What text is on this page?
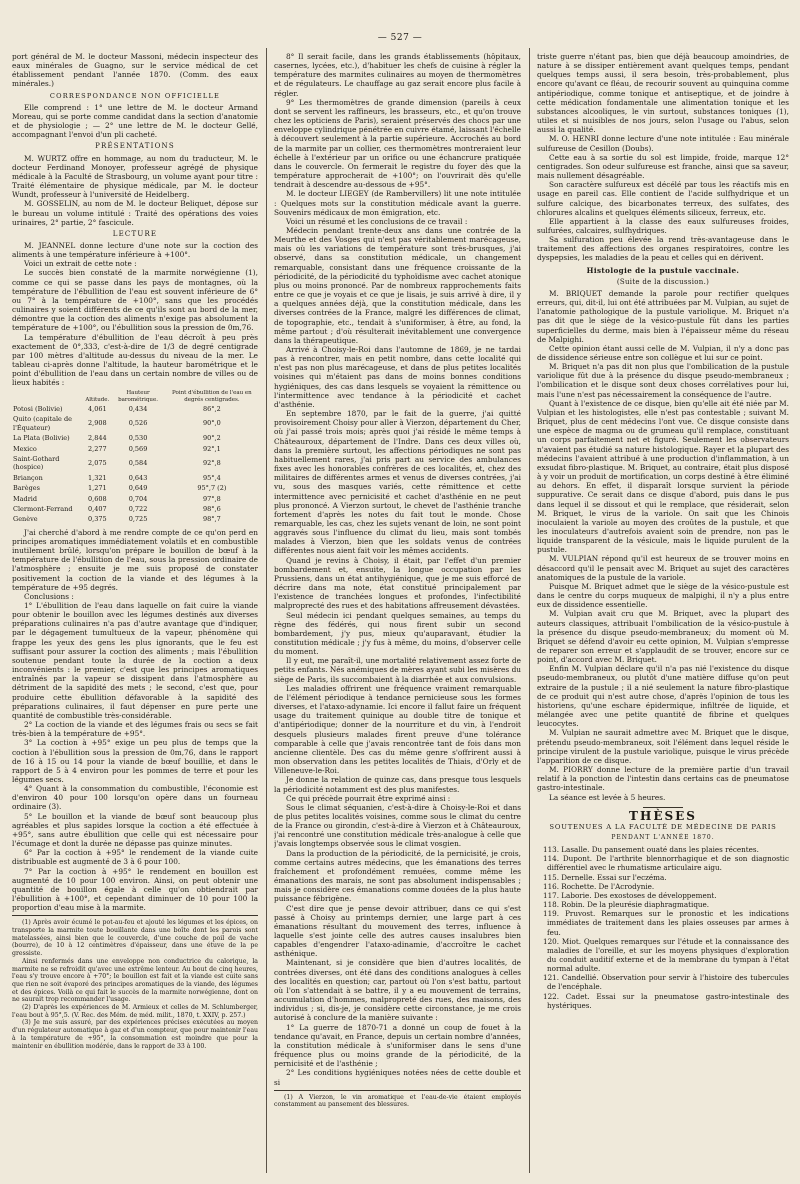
— 527 —

port général de M. le docteur Massoni, médecin inspecteur des eaux minérales de Guagno, sur le service médical de cet établissement pendant l'année 1870. (Comm. des eaux minérales.)

CORRESPONDANCE NON OFFICIELLE

Elle comprend : 1° une lettre de M. le docteur Armand Moreau, qui se porte comme candidat dans la section d'anatomie et de physiologie ; — 2° une lettre de M. le docteur Gellé, accompagnant l'envoi d'un pli cacheté.

PRÉSENTATIONS

M. WURTZ offre en hommage, au nom du traducteur, M. le docteur Ferdinand Monoyer, professeur agrégé de physique médicale à la Faculté de Strasbourg, un volume ayant pour titre : Traité élémentaire de physique médicale, par M. le docteur Wundt, professeur à l'université de Heidelberg.

M. GOSSELIN, au nom de M. le docteur Beliquet, dépose sur le bureau un volume intitulé : Traité des opérations des voies urinaires, 2° partie, 2° fascicule.

LECTURE

M. JEANNEL donne lecture d'une note sur la coction des aliments à une température inférieure à +100°.

Voici un extrait de cette note :

Le succès bien constaté de la marmite norwégienne (1), comme ce qui se passe dans les pays de montagnes, où la température de l'ébullition de l'eau est souvent inférieure de 6° ou 7° à la température de +100°, sans que les procédés culinaires y soient différents de ce qu'ils sont au bord de la mer, démontre que la coction des aliments n'exige pas absolument la température de +100°, ou l'ébullition sous la pression de 0m,76.

La température d'ébullition de l'eau décroît à peu près exactement de 0°,333, c'est-à-dire de 1/3 de degré centigrade par 100 mètres d'altitude au-dessus du niveau de la mer. Le tableau ci-après donne l'altitude, la hauteur barométrique et le point d'ébullition de l'eau dans un certain nombre de villes ou de lieux habités :

	Altitude.	Hauteur barométrique.	Point d'ébullition de l'eau en degrés centigrades.
Potosi (Bolivie)	4,061	0,434	86°,2
Quito (capitale de l'Équateur)	2,908	0,526	90°,0
La Plata (Bolivie)	2,844	0,530	90°,2
Mexico	2,277	0,569	92°,1
Saint-Gothard (hospice)	2,075	0,584	92°,8
Briançon	1,321	0,643	95°,4
Barèges	1,271	0,649	95°,7 (2)
Madrid	0,608	0,704	97°,8
Clermont-Ferrand	0,407	0,722	98°,6
Genève	0,375	0,725	98°,7

J'ai cherché d'abord à me rendre compte de ce qu'on perd en principes aromatiques immédiatement volatils et en combustible inutilement brûlé, lorsqu'on prépare le bouillon de bœuf à la température de l'ébullition de l'eau, sous la pression ordinaire de l'atmosphère ; ensuite je me suis proposé de constater positivement la coction de la viande et des légumes à la température de +95 degrés.

Conclusions :

1° L'ébullition de l'eau dans laquelle on fait cuire la viande pour obtenir le bouillon avec les légumes destinés aux diverses préparations culinaires n'a pas d'autre avantage que d'indiquer, par le dégagement tumultueux de la vapeur, phénomène qui frappe les yeux des gens les plus ignorants, que le feu est suffisant pour assurer la coction des aliments ; mais l'ébullition soutenue pendant toute la durée de la coction a deux inconvénients : le premier, c'est que les principes aromatiques entraînés par la vapeur se dissipent dans l'atmosphère au détriment de la sapidité des mets ; le second, c'est que, pour produire cette ébullition défavorable à la sapidité des préparations culinaires, il faut dépenser en pure perte une quantité de combustible très-considérable.

2° La coction de la viande et des légumes frais ou secs se fait très-bien à la température de +95°.

3° La coction à +95° exige un peu plus de temps que la coction à l'ébullition sous la pression de 0m,76, dans le rapport de 16 à 15 ou 14 pour la viande de bœuf bouillie, et dans le rapport de 5 à 4 environ pour les pommes de terre et pour les légumes secs.

4° Quant à la consommation du combustible, l'économie est d'environ 40 pour 100 lorsqu'on opère dans un fourneau ordinaire (3).

5° Le bouillon et la viande de bœuf sont beaucoup plus agréables et plus sapides lorsque la coction a été effectuée à +95°, sans autre ébullition que celle qui est nécessaire pour l'écumage et dont la durée ne dépasse pas quinze minutes.

6° Par la coction à +95° le rendement de la viande cuite distribuable est augmenté de 3 à 6 pour 100.

7° Par la coction à +95° le rendement en bouillon est augmenté de 10 pour 100 environ. Ainsi, on peut obtenir une quantité de bouillon égale à celle qu'on obtiendrait par l'ébullition à +100°, et cependant diminuer de 10 pour 100 la proportion d'eau mise à la marmite.

(1) Après avoir écumé le pot-au-feu et ajouté les légumes et les épices, on transporte la marmite toute bouillante dans une boîte dont les parois sont matelassées, ainsi bien que le couvercle, d'une couche de poil de vache (bourre), de 10 à 12 centimètres d'épaisseur, dans une étuve de la pe gressiste.

Ainsi renfermés dans une enveloppe non conductrice du calorique, la marmite ne se refroidit qu'avec une extrême lenteur. Au bout de cinq heures, l'eau s'y trouve encore à +70°; le bouillon est fait et la viande est cuite sans que rien ne soit évaporé des principes aromatiques de la viande, des légumes et des épices. Voilà ce qui fait le succès de la marmite norwégienne, dont on ne saurait trop recommander l'usage.

(2) D'après les expériences de M. Armieux et celles de M. Schlumberger, l'eau bout à 95°,5. (V. Rec. des Mém. de méd. milit., 1870, t. XXIV, p. 257.)

(3) Je me suis assuré, par des expériences précises exécutées au moyen d'un régulateur automatique à gaz et d'un compteur, que pour maintenir l'eau à la température de +95°, la consommation est moindre que pour la maintenir en ébullition modérée, dans le rapport de 33 à 100.

8° Il serait facile, dans les grands établissements (hôpitaux, casernes, lycées, etc.), d'habituer les chefs de cuisine à régler la température des marmites culinaires au moyen de thermomètres et de régulateurs. Le chauffage au gaz serait encore plus facile à régler.

9° Les thermomètres de grande dimension (pareils à ceux dont se servent les raffineurs, les brasseurs, etc., et qu'on trouve chez les opticiens de Paris), seraient préservés des chocs par une enveloppe cylindrique pénétrée en cuivre étamé, laissant l'échelle à découvert seulement à la partie supérieure. Accrochés au bord de la marmite par un collier, ces thermomètres montreraient leur échelle à l'extérieur par un orifice ou une échancrure pratiquée dans le couvercle. On fermerait le registre du foyer dès que la température approcherait de +100°; on l'ouvrirait dès qu'elle tendrait à descendre au-dessous de +95°.

M. le docteur LIEGEY (de Rambervillers) lit une note intitulée : Quelques mots sur la constitution médicale avant la guerre. Souvenirs médicaux de mon émigration, etc.

Voici un résumé et les conclusions de ce travail :

Médecin pendant trente-deux ans dans une contrée de la Meurthe et des Vosges qui n'est pas véritablement marécageuse, mais où les variations de température sont très-brusques, j'ai observé, dans sa constitution médicale, un changement remarquable, consistant dans une fréquence croissante de la périodicité, de la périodicité du typhoïdisme avec cachet atonique plus ou moins prononcé. Par de nombreux rapprochements faits entre ce que je voyais et ce que je lisais, je suis arrivé à dire, il y a quelques années déjà, que la constitution médicale, dans les diverses contrées de la France, malgré les différences de climat, de topographie, etc., tendait à s'uniformiser, à être, au fond, la même partout ; d'où résulterait inévitablement une convergence dans la thérapeutique.

Arrivé à Choisy-le-Roi dans l'automne de 1869, je ne tardai pas à rencontrer, mais en petit nombre, dans cette localité qui n'est pas non plus marécageuse, et dans de plus petites localités voisines qui m'étaient pas dans de moins bonnes conditions hygiéniques, des cas dans lesquels se voyaient la rémittence ou l'intermittence avec tendance à la périodicité et cachet d'asthénie.

En septembre 1870, par le fait de la guerre, j'ai quitté provisoirement Choisy pour aller à Vierzon, département du Cher, où j'ai passé trois mois; après quoi j'ai résidé le même temps à Châteauroux, département de l'Indre. Dans ces deux villes où, dans la première surtout, les affections périodiques ne sont pas habituellement rares, j'ai pris part au service des ambulances fixes avec les honorables confrères de ces localités, et, chez des militaires de différentes armes et venus de diverses contrées, j'ai vu, sous des masques variés, cette rémittence et cette intermittence avec pernicisité et cachet d'asthénie en ne peut plus prononcé. A Vierzon surtout, le chevet de l'asthénie tranche fortement d'après les notes du fait tout le monde. Chose remarquable, les cas, chez les sujets venant de loin, ne sont point aggravés sous l'influence du climat du lieu, mais sont tombés malades à Vierzon, bien que les soldats venus de contrées différentes nous aient fait voir les mêmes accidents.

Quand je revins à Choisy, il était, par l'effet d'un premier bombardement et, ensuite, la longue occupation par les Prussiens, dans un état antihygiénique, que je me suis efforcé de décrire dans ma note, état constitué principalement par l'existence de tranchées longues et profondes, l'infectibilité malproprecté des rues et des habitations affreusement dévastées.

Seul médecin ici pendant quelques semaines, au temps du règne des fédérés, qui nous firent subir un second bombardement, j'y pus, mieux qu'auparavant, étudier la constitution médicale ; j'y fus à même, du moins, d'observer celle du moment.

Il y eut, me paraît-il, une mortalité relativement assez forte de petits enfants. Nés anémiques de mères ayant subi les misères du siège de Paris, ils succombaient à la diarrhée et aux convulsions.

Les maladies offrirent une fréquence vraiment remarquable de l'élément périodique à tendance pernicieuse sous les formes diverses, et l'ataxo-adynamie. Ici encore il fallut faire un fréquent usage du traitement quinique au double titre de tonique et d'antipériodique; donner de la nourriture et du vin, à l'endroit desquels plusieurs malades firent preuve d'une tolérance comparable à celle que j'avais rencontrée tant de fois dans mon ancienne clientèle. Des cas du même genre s'offrirent aussi à mon observation dans les petites localités de Thiais, d'Orly et de Villeneuve-le-Roi.

Je donne la relation de quinze cas, dans presque tous lesquels la périodicité notamment est des plus manifestes.

Ce qui précède pourrait être exprimé ainsi :

Sous le climat séquanien, c'est-à-dire à Choisy-le-Roi et dans de plus petites localités voisines, comme sous le climat du centre de la France ou girondin, c'est-à-dire à Vierzon et à Châteauroux, j'ai rencontré une constitution médicale très-analogue à celle que j'avais longtemps observée sous le climat vosgien.

Dans la production de la périodicité, de la pernicisité, je crois, comme certains autres médecins, que les émanations des terres fraîchement et profondément remuées, comme même les émanations des marais, ne sont pas absolument indispensables ; mais je considère ces émanations comme douées de la plus haute puissance fébrigène.

C'est dire que je pense devoir attribuer, dans ce qui s'est passé à Choisy au printemps dernier, une large part à ces émanations résultant du mouvement des terres, influence à laquelle s'est jointe celle des autres causes insalubres bien capables d'engendrer l'ataxo-adinamie, d'accroître le cachet asthénique.

Maintenant, si je considère que bien d'autres localités, de contrées diverses, ont été dans des conditions analogues à celles des localités en question; car, partout où l'on s'est battu, partout où l'on s'attendait à se battre, il y a eu mouvement de terrains, accumulation d'hommes, malpropreté des rues, des maisons, des individus ; si, dis-je, je considère cette circonstance, je me crois autorisé à conclure de la manière suivante :

1° La guerre de 1870-71 a donné un coup de fouet à la tendance qu'avait, en France, depuis un certain nombre d'années, la constitution médicale à s'uniformiser dans le sens d'une fréquence plus ou moins grande de la périodicité, de la pernicisité et de l'asthénie ;

2° Les conditions hygiéniques notées nées de cette double et si

(1) A Vierzon, le vin aromatique et l'eau-de-vie étaient employés constamment au pansement des blessures.

triste guerre n'étant pas, bien que déjà beaucoup amoindries, de nature à se dissiper entièrement avant quelques temps, pendant quelques temps aussi, il sera besoin, très-probablement, plus encore qu'avant ce fléau, de recourir souvent au quinquina comme antipériodique, comme tonique et antiseptique, et de joindre à cette médication fondamentale une alimentation tonique et les substances alcooliques, le vin surtout, substances toniques (1), utiles et si nuisibles de nos jours, selon l'usage ou l'abus, selon aussi la qualité.

M. O. HENRI donne lecture d'une note intitulée : Eau minérale sulfureuse de Cesillon (Doubs).

Cette eau à sa sortie du sol est limpide, froide, marque 12° centigrades. Son odeur sulfureuse est franche, ainsi que sa saveur, mais nullement désagréable.

Son caractère sulfureux est décélé par tous les réactifs mis en usage en pareil cas. Elle contient de l'acide sulfhydrique et un sulfure calcique, des bicarbonates terreux, des sulfates, des chlorures alcalins et quelques éléments siliceux, ferreux, etc.

Elle appartient à la classe des eaux sulfureuses froides, sulfurées, calcaires, sulfhydriques.

Sa sulfuration peu élevée la rend très-avantageuse dans le traitement des affections des organes respiratoires, contre les dyspepsies, les maladies de la peau et celles qui en dérivent.

Histologie de la pustule vaccinale.
(Suite de la discussion.)

M. BRIQUET demande la parole pour rectifier quelques erreurs, qui, dit-il, lui ont été attribuées par M. Vulpian, au sujet de l'anatomie pathologique de la pustule variolique. M. Briquet n'a pas dit que le siège de la vésico-pustule fût dans les parties superficielles du derme, mais bien à l'épaisseur même du réseau de Malpighi.

Cette opinion étant aussi celle de M. Vulpian, il n'y a donc pas de dissidence sérieuse entre son collègue et lui sur ce point.

M. Briquet n'a pas dit non plus que l'ombilication de la pustule variolique fût due à la présence du disque pseudo-membraneux ; l'ombilication et le disque sont deux choses corrélatives pour lui, mais l'une n'est pas nécessairement la conséquence de l'autre.

Quant à l'existence de ce disque, bien qu'elle ait été niée par M. Vulpian et les histologistes, elle n'est pas contestable ; suivant M. Briquet, plus de cent médecins l'ont vue. Ce disque consiste dans une espèce de magma ou de grumeau qu'il remplace, constituant un corps parfaitement net et figuré. Seulement les observateurs n'avaient pas étudié sa nature histologique. Rayer et la plupart des médecins l'avaient attribué à une production d'inflammation, à un exsudat fibro-plastique. M. Briquet, au contraire, était plus disposé à y voir un produit de mortification, un corps destiné à être éliminé au dehors. En effet, il disparaît lorsque survient la période suppurative. Ce serait dans ce disque d'abord, puis dans le pus dans lequel il se dissout et qui le remplace, que résiderait, selon M. Briquet, le virus de la variole. On sait que les Chinois inoculaient la variole au moyen des croûtes de la pustule, et que les inoculateurs d'autrefois avaient soin de prendre, non pas le liquide transparent de la vésicule, mais le liquide purulent de la pustule.

M. VULPIAN répond qu'il est heureux de se trouver moins en désaccord qu'il le pensait avec M. Briquet au sujet des caractères anatomiques de la pustule de la variole.

Puisque M. Briquet admet que le siège de la vésico-pustule est dans le centre du corps muqueux de malpighi, il n'y a plus entre eux de dissidence essentielle.

M. Vulpian avait cru que M. Briquet, avec la plupart des auteurs classiques, attribuait l'ombilication de la vésico-pustule à la présence du disque pseudo-membraneux; du moment où M. Briquet se défend d'avoir eu cette opinion, M. Vulpian s'empresse de reparer son erreur et s'applaudit de se trouver, encore sur ce point, d'accord avec M. Briquet.

Enfin M. Vulpian déclare qu'il n'a pas nié l'existence du disque pseudo-membraneux, ou plutôt d'une matière diffuse qu'on peut extraire de la pustule ; il a nié seulement la nature fibro-plastique de ce produit qui n'est autre chose, d'après l'opinion de tous les historiens, qu'une eschare épidermique, infiltrée de liquide, et mélangée avec une petite quantité de fibrine et quelques leucocytes.

M. Vulpian ne saurait admettre avec M. Briquet que le disque, prétendu pseudo-membraneux, soit l'élément dans lequel réside le principe virulent de la pustule variolique, puisque le virus précède l'apparition de ce disque.

M. PIORRY donne lecture de la première partie d'un travail relatif à la ponction de l'intestin dans certains cas de pneumatose gastro-intestinale.

La séance est levée à 5 heures.

THÈSES
SOUTENUES A LA FACULTÉ DE MÉDECINE DE PARIS
PENDANT L'ANNÉE 1870.

113. Lasalle. Du pansement ouaté dans les plaies récentes.

114. Dupont. De l'arthrite blennorrhagique et de son diagnostic différentiel avec le rhumatisme articulaire aigu.

115. Dernelle. Essai sur l'eczéma.

116. Rochette. De l'Acrodynie.

117. Laborie. Des exostoses de développement.

118. Robin. De la pleurésie diaphragmatique.

119. Pruvost. Remarques sur le pronostic et les indications immédiates de traitement dans les plaies osseuses par armes à feu.

120. Miot. Quelques remarques sur l'étude et la connaissance des maladies de l'oreille, et sur les moyens physiques d'exploration du conduit auditif externe et de la membrane du tympan à l'état normal adulte.

121. Candellié. Observation pour servir à l'histoire des tubercules de l'encéphale.

122. Cadet. Essai sur la pneumatose gastro-intestinale des hystériques.
